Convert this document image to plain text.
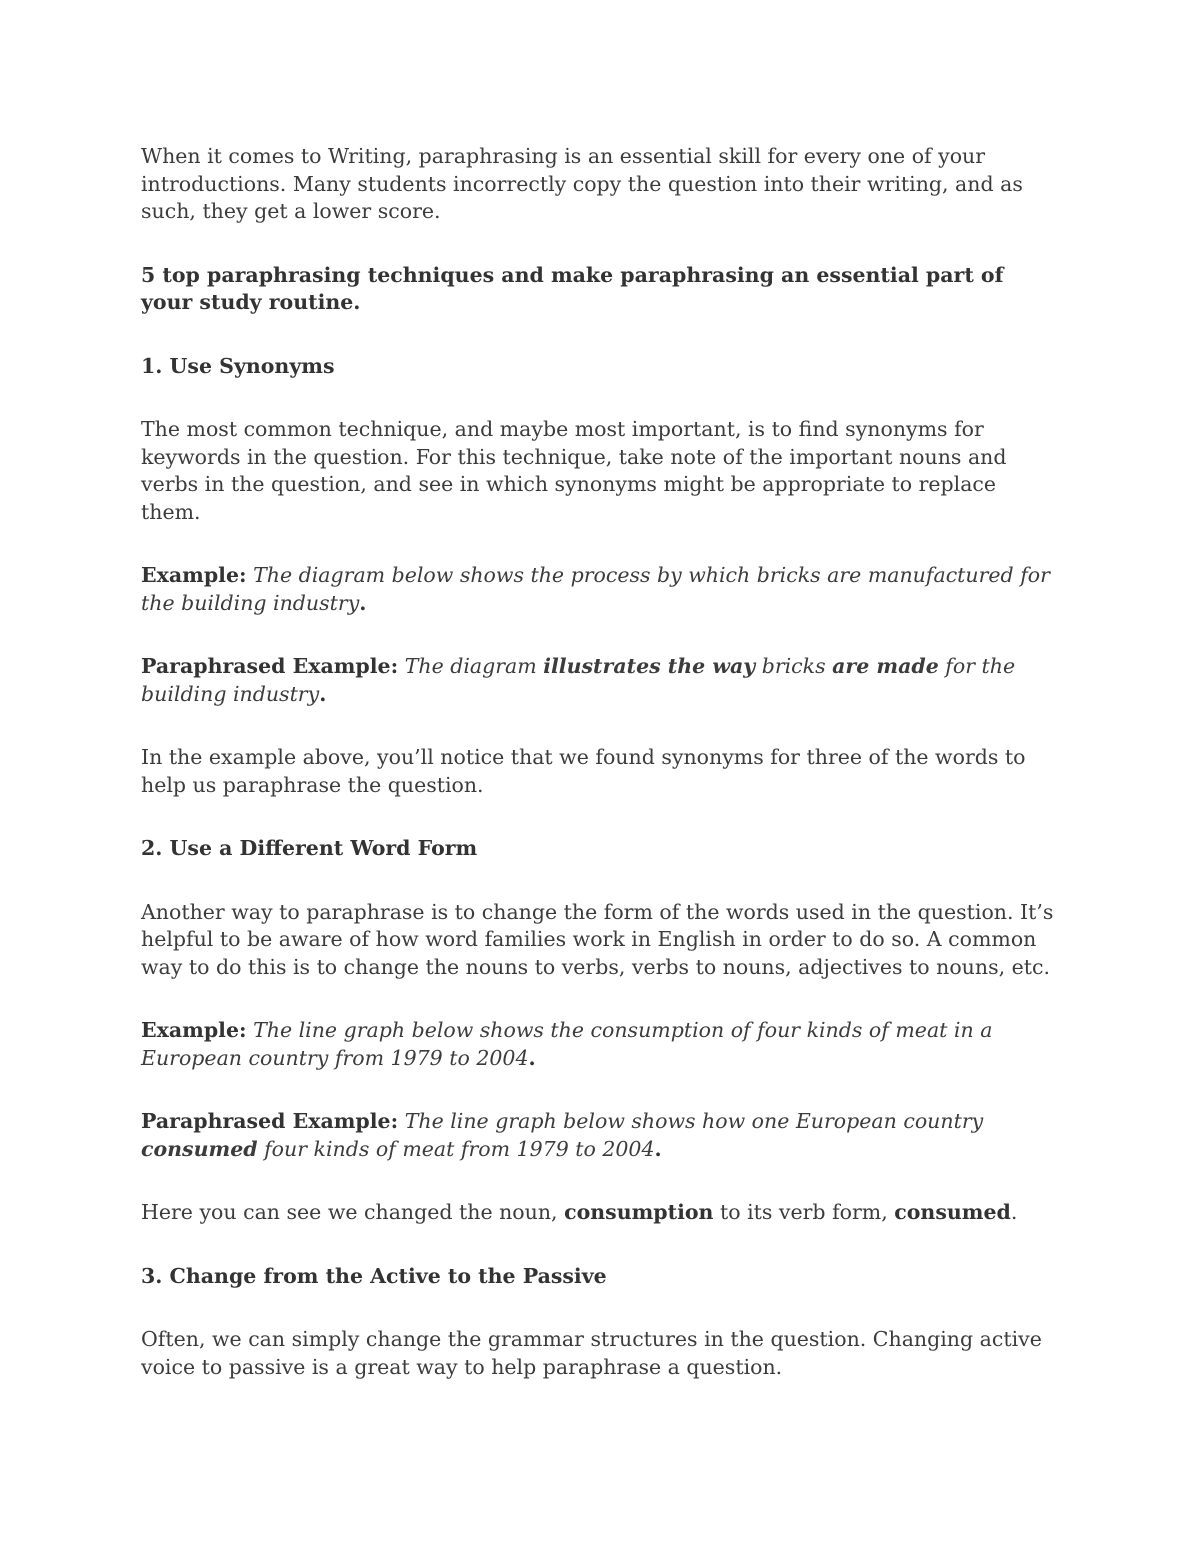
When it comes to Writing, paraphrasing is an essential skill for every one of your introductions. Many students incorrectly copy the question into their writing, and as such, they get a lower score.

5 top paraphrasing techniques and make paraphrasing an essential part of your study routine.

1. Use Synonyms

The most common technique, and maybe most important, is to find synonyms for keywords in the question. For this technique, take note of the important nouns and verbs in the question, and see in which synonyms might be appropriate to replace them.

Example: The diagram below shows the process by which bricks are manufactured for the building industry.

Paraphrased Example: The diagram illustrates the way bricks are made for the building industry.

In the example above, you’ll notice that we found synonyms for three of the words to help us paraphrase the question.

2. Use a Different Word Form

Another way to paraphrase is to change the form of the words used in the question. It’s helpful to be aware of how word families work in English in order to do so. A common way to do this is to change the nouns to verbs, verbs to nouns, adjectives to nouns, etc.

Example: The line graph below shows the consumption of four kinds of meat in a European country from 1979 to 2004.

Paraphrased Example: The line graph below shows how one European country consumed four kinds of meat from 1979 to 2004.

Here you can see we changed the noun, consumption to its verb form, consumed.

3. Change from the Active to the Passive

Often, we can simply change the grammar structures in the question. Changing active voice to passive is a great way to help paraphrase a question.
